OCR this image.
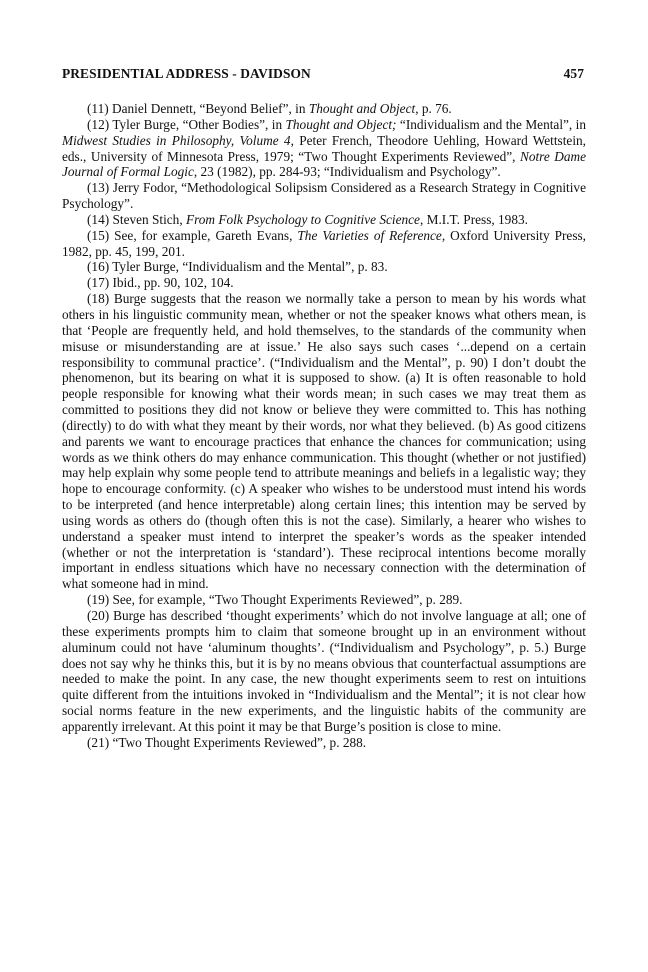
PRESIDENTIAL ADDRESS - DAVIDSON	457

(11) Daniel Dennett, “Beyond Belief”, in Thought and Object, p. 76.

(12) Tyler Burge, “Other Bodies”, in Thought and Object; “Individualism and the Mental”, in Midwest Studies in Philosophy, Volume 4, Peter French, Theodore Uehling, Howard Wettstein, eds., University of Minnesota Press, 1979; “Two Thought Experiments Reviewed”, Notre Dame Journal of Formal Logic, 23 (1982), pp. 284-93; “Individualism and Psychology”.

(13) Jerry Fodor, “Methodological Solipsism Considered as a Research Strategy in Cognitive Psychology”.

(14) Steven Stich, From Folk Psychology to Cognitive Science, M.I.T. Press, 1983.

(15) See, for example, Gareth Evans, The Varieties of Reference, Oxford University Press, 1982, pp. 45, 199, 201.

(16) Tyler Burge, “Individualism and the Mental”, p. 83.

(17) Ibid., pp. 90, 102, 104.

(18) Burge suggests that the reason we normally take a person to mean by his words what others in his linguistic community mean, whether or not the speaker knows what others mean, is that ‘People are frequently held, and hold themselves, to the standards of the community when misuse or misunderstanding are at issue.’ He also says such cases ‘...depend on a certain responsibility to communal practice’. (“Individualism and the Mental”, p. 90) I don’t doubt the phenomenon, but its bearing on what it is supposed to show. (a) It is often reasonable to hold people responsible for knowing what their words mean; in such cases we may treat them as committed to positions they did not know or believe they were committed to. This has nothing (directly) to do with what they meant by their words, nor what they believed. (b) As good citizens and parents we want to encourage practices that enhance the chances for communication; using words as we think others do may enhance communication. This thought (whether or not justified) may help explain why some people tend to attribute meanings and beliefs in a legalistic way; they hope to encourage conformity. (c) A speaker who wishes to be understood must intend his words to be interpreted (and hence interpretable) along certain lines; this intention may be served by using words as others do (though often this is not the case). Similarly, a hearer who wishes to understand a speaker must intend to interpret the speaker’s words as the speaker intended (whether or not the interpretation is ‘standard’). These reciprocal intentions become morally important in endless situations which have no necessary connection with the determination of what someone had in mind.

(19) See, for example, “Two Thought Experiments Reviewed”, p. 289.

(20) Burge has described ‘thought experiments’ which do not involve language at all; one of these experiments prompts him to claim that someone brought up in an environment without aluminum could not have ‘aluminum thoughts’. (“Individualism and Psychology”, p. 5.) Burge does not say why he thinks this, but it is by no means obvious that counterfactual assumptions are needed to make the point. In any case, the new thought experiments seem to rest on intuitions quite different from the intuitions invoked in “Individualism and the Mental”; it is not clear how social norms feature in the new experiments, and the linguistic habits of the community are apparently irrelevant. At this point it may be that Burge’s position is close to mine.

(21) “Two Thought Experiments Reviewed”, p. 288.
